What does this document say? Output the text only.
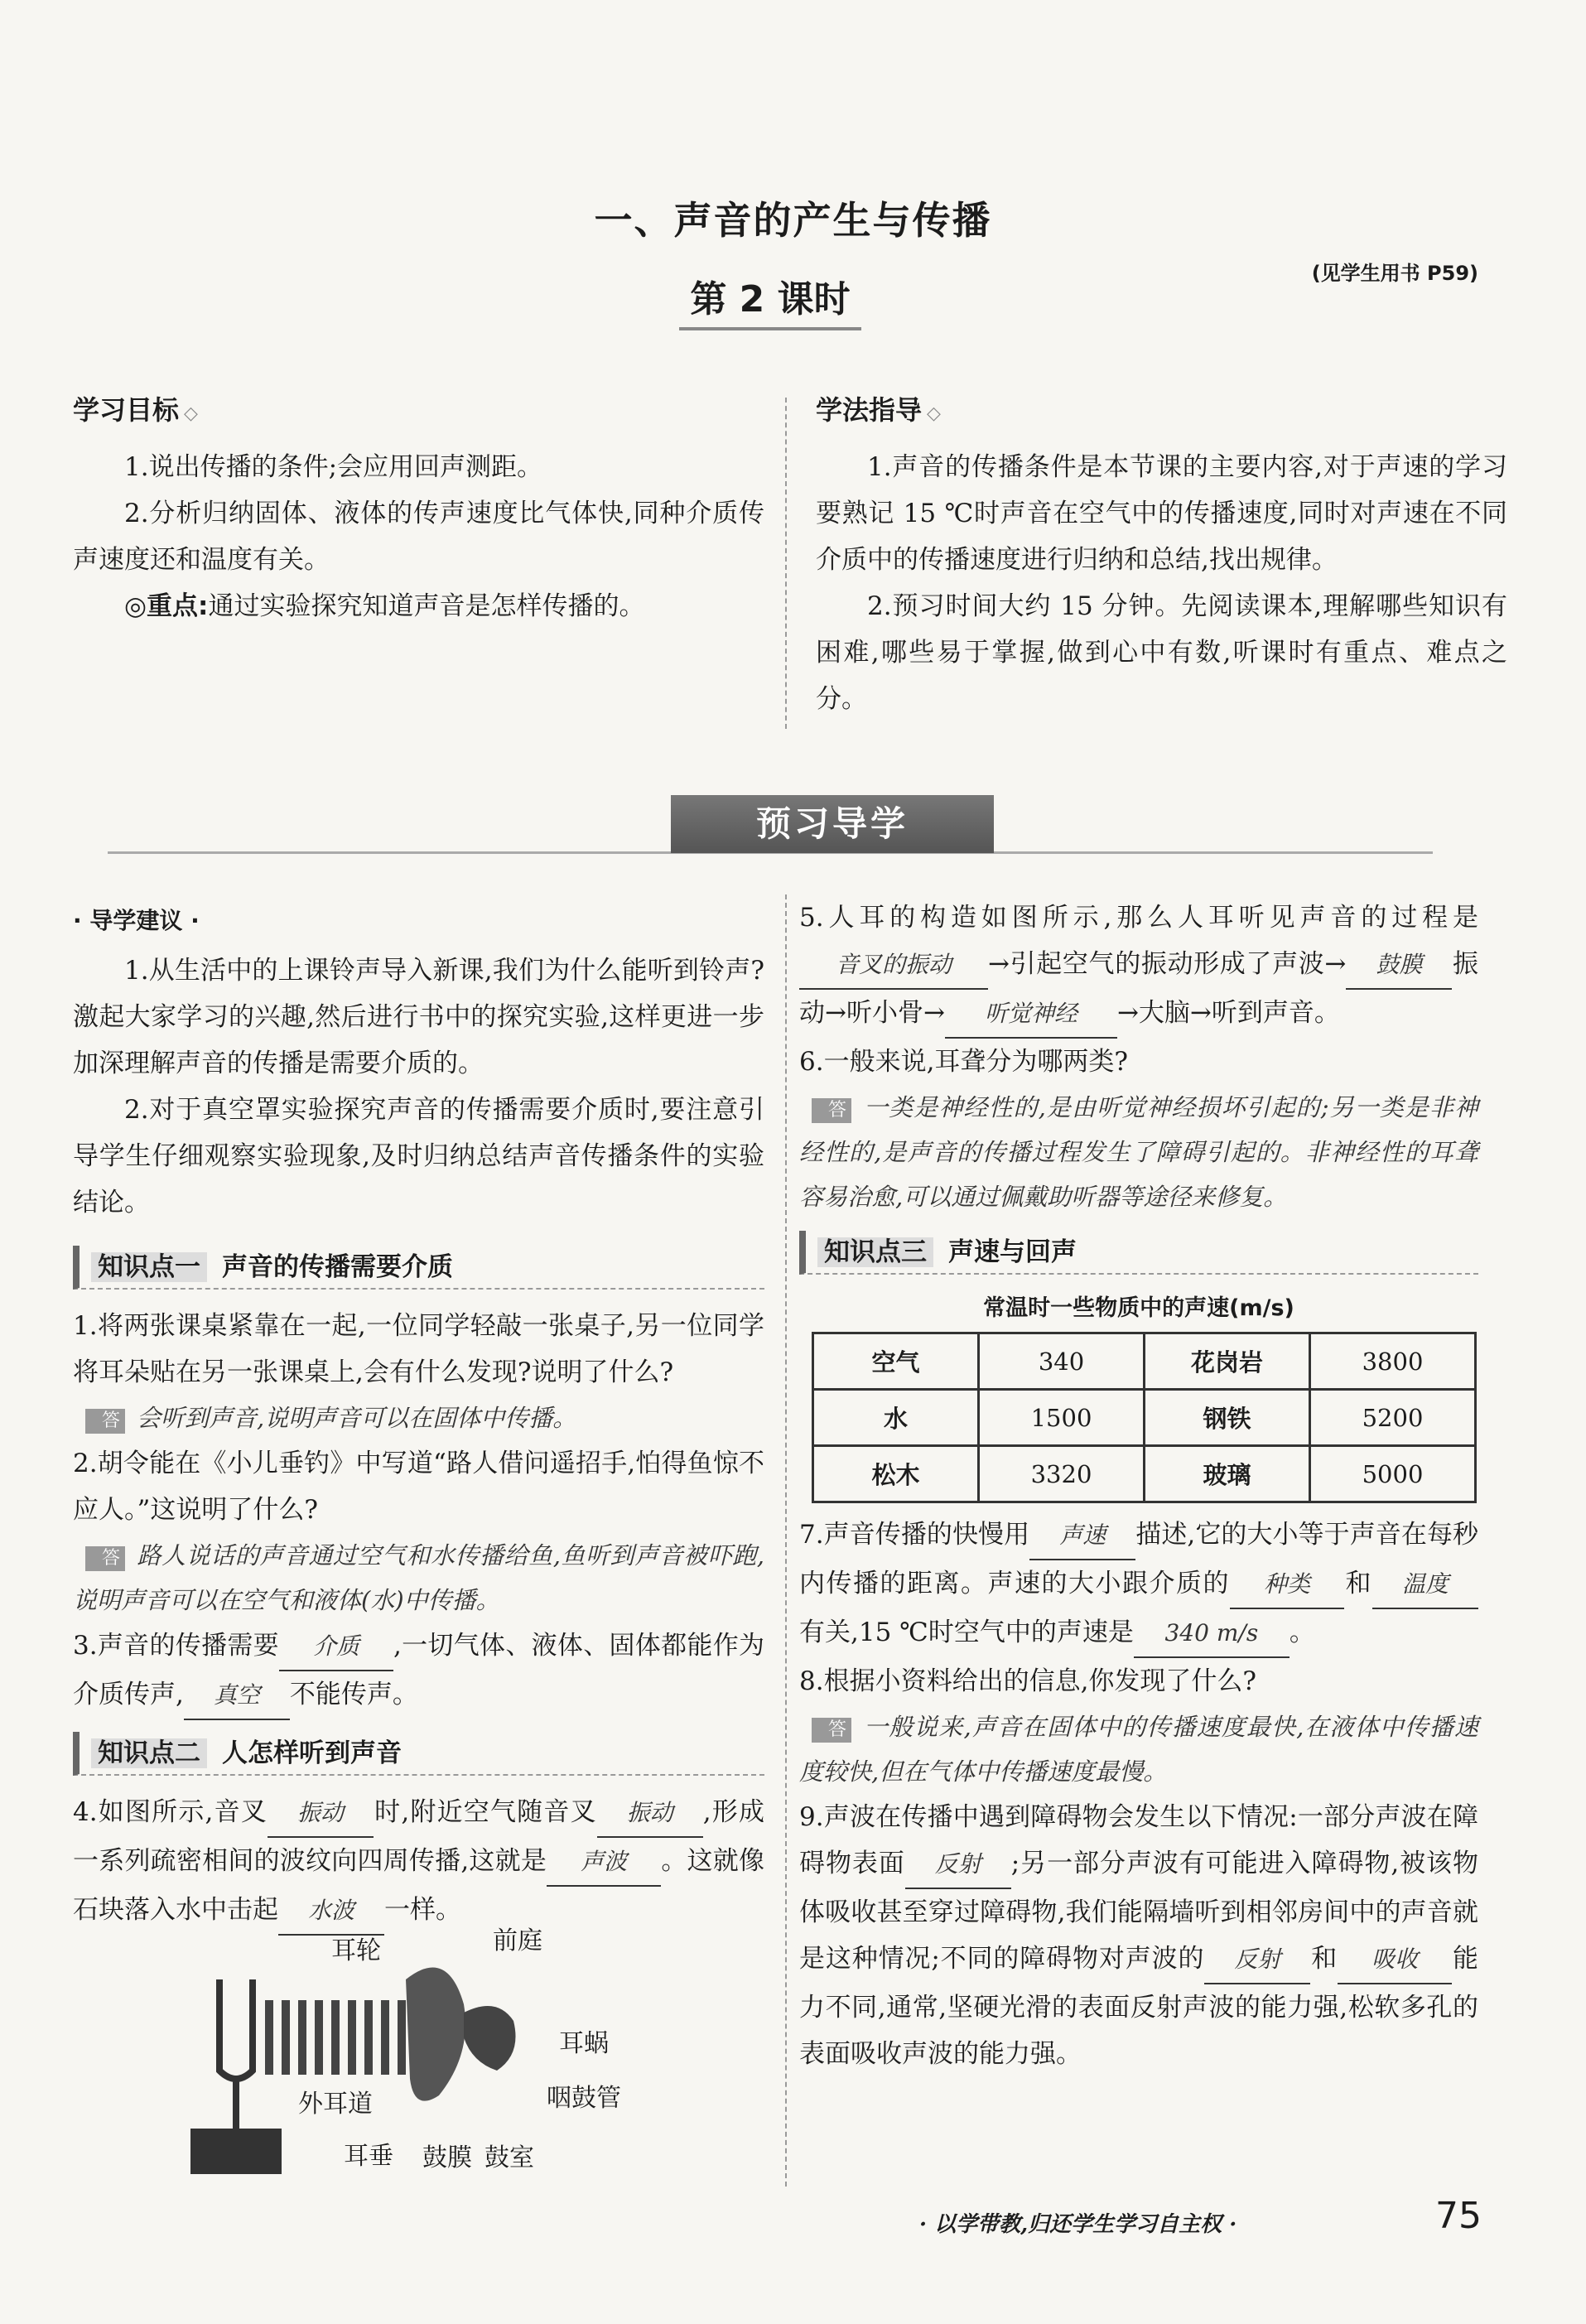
一、声音的产生与传播
第 2 课时
(见学生用书 P59)
学习目标 ◇
1.说出传播的条件;会应用回声测距。
2.分析归纳固体、液体的传声速度比气体快,同种介质传声速度还和温度有关。
◎重点:通过实验探究知道声音是怎样传播的。
学法指导 ◇
1.声音的传播条件是本节课的主要内容,对于声速的学习要熟记 15 ℃时声音在空气中的传播速度,同时对声速在不同介质中的传播速度进行归纳和总结,找出规律。
2.预习时间大约 15 分钟。先阅读课本,理解哪些知识有困难,哪些易于掌握,做到心中有数,听课时有重点、难点之分。
预习导学
· 导学建议 ·
1.从生活中的上课铃声导入新课,我们为什么能听到铃声?激起大家学习的兴趣,然后进行书中的探究实验,这样更进一步加深理解声音的传播是需要介质的。
2.对于真空罩实验探究声音的传播需要介质时,要注意引导学生仔细观察实验现象,及时归纳总结声音传播条件的实验结论。
知识点一 声音的传播需要介质
1.将两张课桌紧靠在一起,一位同学轻敲一张桌子,另一位同学将耳朵贴在另一张课桌上,会有什么发现?说明了什么?
答 会听到声音,说明声音可以在固体中传播。
2.胡令能在《小儿垂钓》中写道“路人借问遥招手,怕得鱼惊不应人。”这说明了什么?
答 路人说话的声音通过空气和水传播给鱼,鱼听到声音被吓跑,说明声音可以在空气和液体(水)中传播。
3.声音的传播需要 介质 ,一切气体、液体、固体都能作为介质传声, 真空 不能传声。
知识点二 人怎样听到声音
4.如图所示,音叉 振动 时,附近空气随音叉 振动 ,形成一系列疏密相间的波纹向四周传播,这就是 声波 。这就像石块落入水中击起 水波 一样。
耳轮	前庭
耳蜗
外耳道	咽鼓管
耳垂 鼓膜 鼓室
5.人耳的构造如图所示,那么人耳听见声音的过程是音叉的振动 →引起空气的振动形成了声波→ 鼓膜 振动→听小骨→ 听觉神经 →大脑→听到声音。
6.一般来说,耳聋分为哪两类?
答 一类是神经性的,是由听觉神经损坏引起的;另一类是非神经性的,是声音的传播过程发生了障碍引起的。非神经性的耳聋容易治愈,可以通过佩戴助听器等途径来修复。
知识点三 声速与回声
常温时一些物质中的声速(m/s)
空气	340	花岗岩	3800
水	1500	钢铁	5200
松木	3320	玻璃	5000
7.声音传播的快慢用 声速 描述,它的大小等于声音在每秒内传播的距离。声速的大小跟介质的 种类 和 温度有关,15 ℃时空气中的声速是 340 m/s 。
8.根据小资料给出的信息,你发现了什么?
答 一般说来,声音在固体中的传播速度最快,在液体中传播速度较快,但在气体中传播速度最慢。
9.声波在传播中遇到障碍物会发生以下情况:一部分声波在障碍物表面 反射 ;另一部分声波有可能进入障碍物,被该物体吸收甚至穿过障碍物,我们能隔墙听到相邻房间中的声音就是这种情况;不同的障碍物对声波的 反射 和 吸收 能力不同,通常,坚硬光滑的表面反射声波的能力强,松软多孔的表面吸收声波的能力强。
· 以学带教,归还学生学习自主权 ·	75
